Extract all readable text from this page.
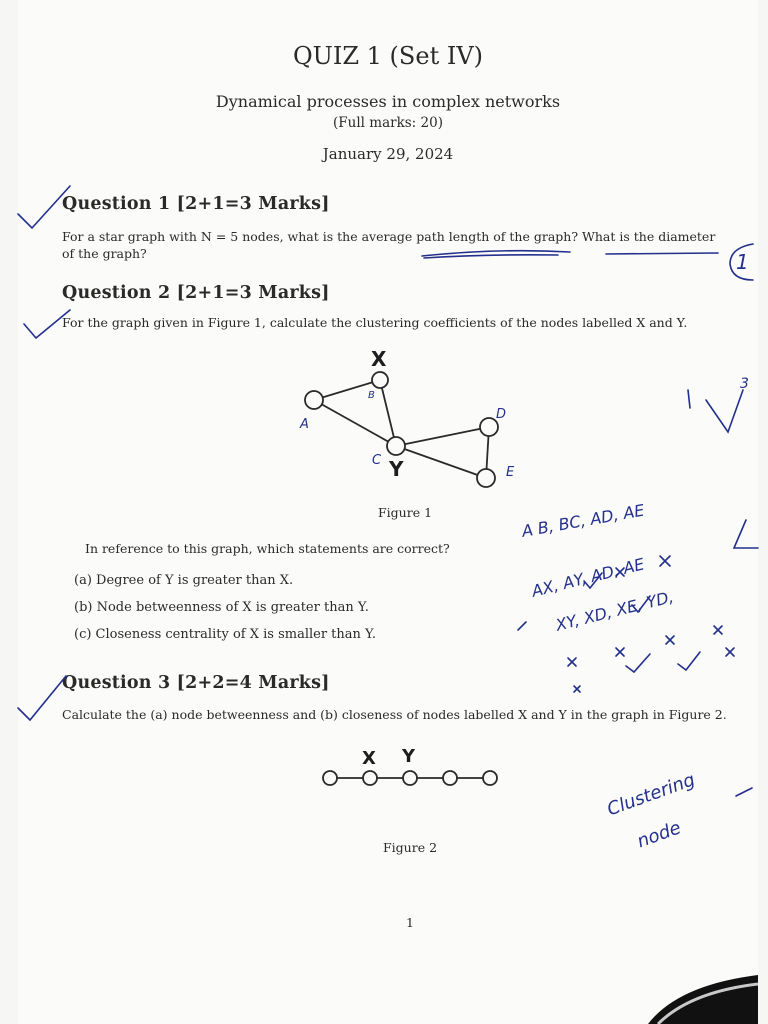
QUIZ 1 (Set IV)
Dynamical processes in complex networks
(Full marks: 20)
January 29, 2024
Question 1 [2+1=3 Marks]
For a star graph with N = 5 nodes, what is the average path length of the graph? What is the diameter
of the graph?
Question 2 [2+1=3 Marks]
For the graph given in Figure 1, calculate the clustering coefficients of the nodes labelled X and Y.
X
Y
A
B
C
D
E
Figure 1
In reference to this graph, which statements are correct?
(a) Degree of Y is greater than X.
(b) Node betweenness of X is greater than Y.
(c) Closeness centrality of X is smaller than Y.
Question 3 [2+2=4 Marks]
Calculate the (a) node betweenness and (b) closeness of nodes labelled X and Y in the graph in Figure 2.
X Y
Figure 2
1
1
3
A B, BC, AD, AE
AX, AY, AD, AE
XY, XD, XE, YD,
Clustering
node
